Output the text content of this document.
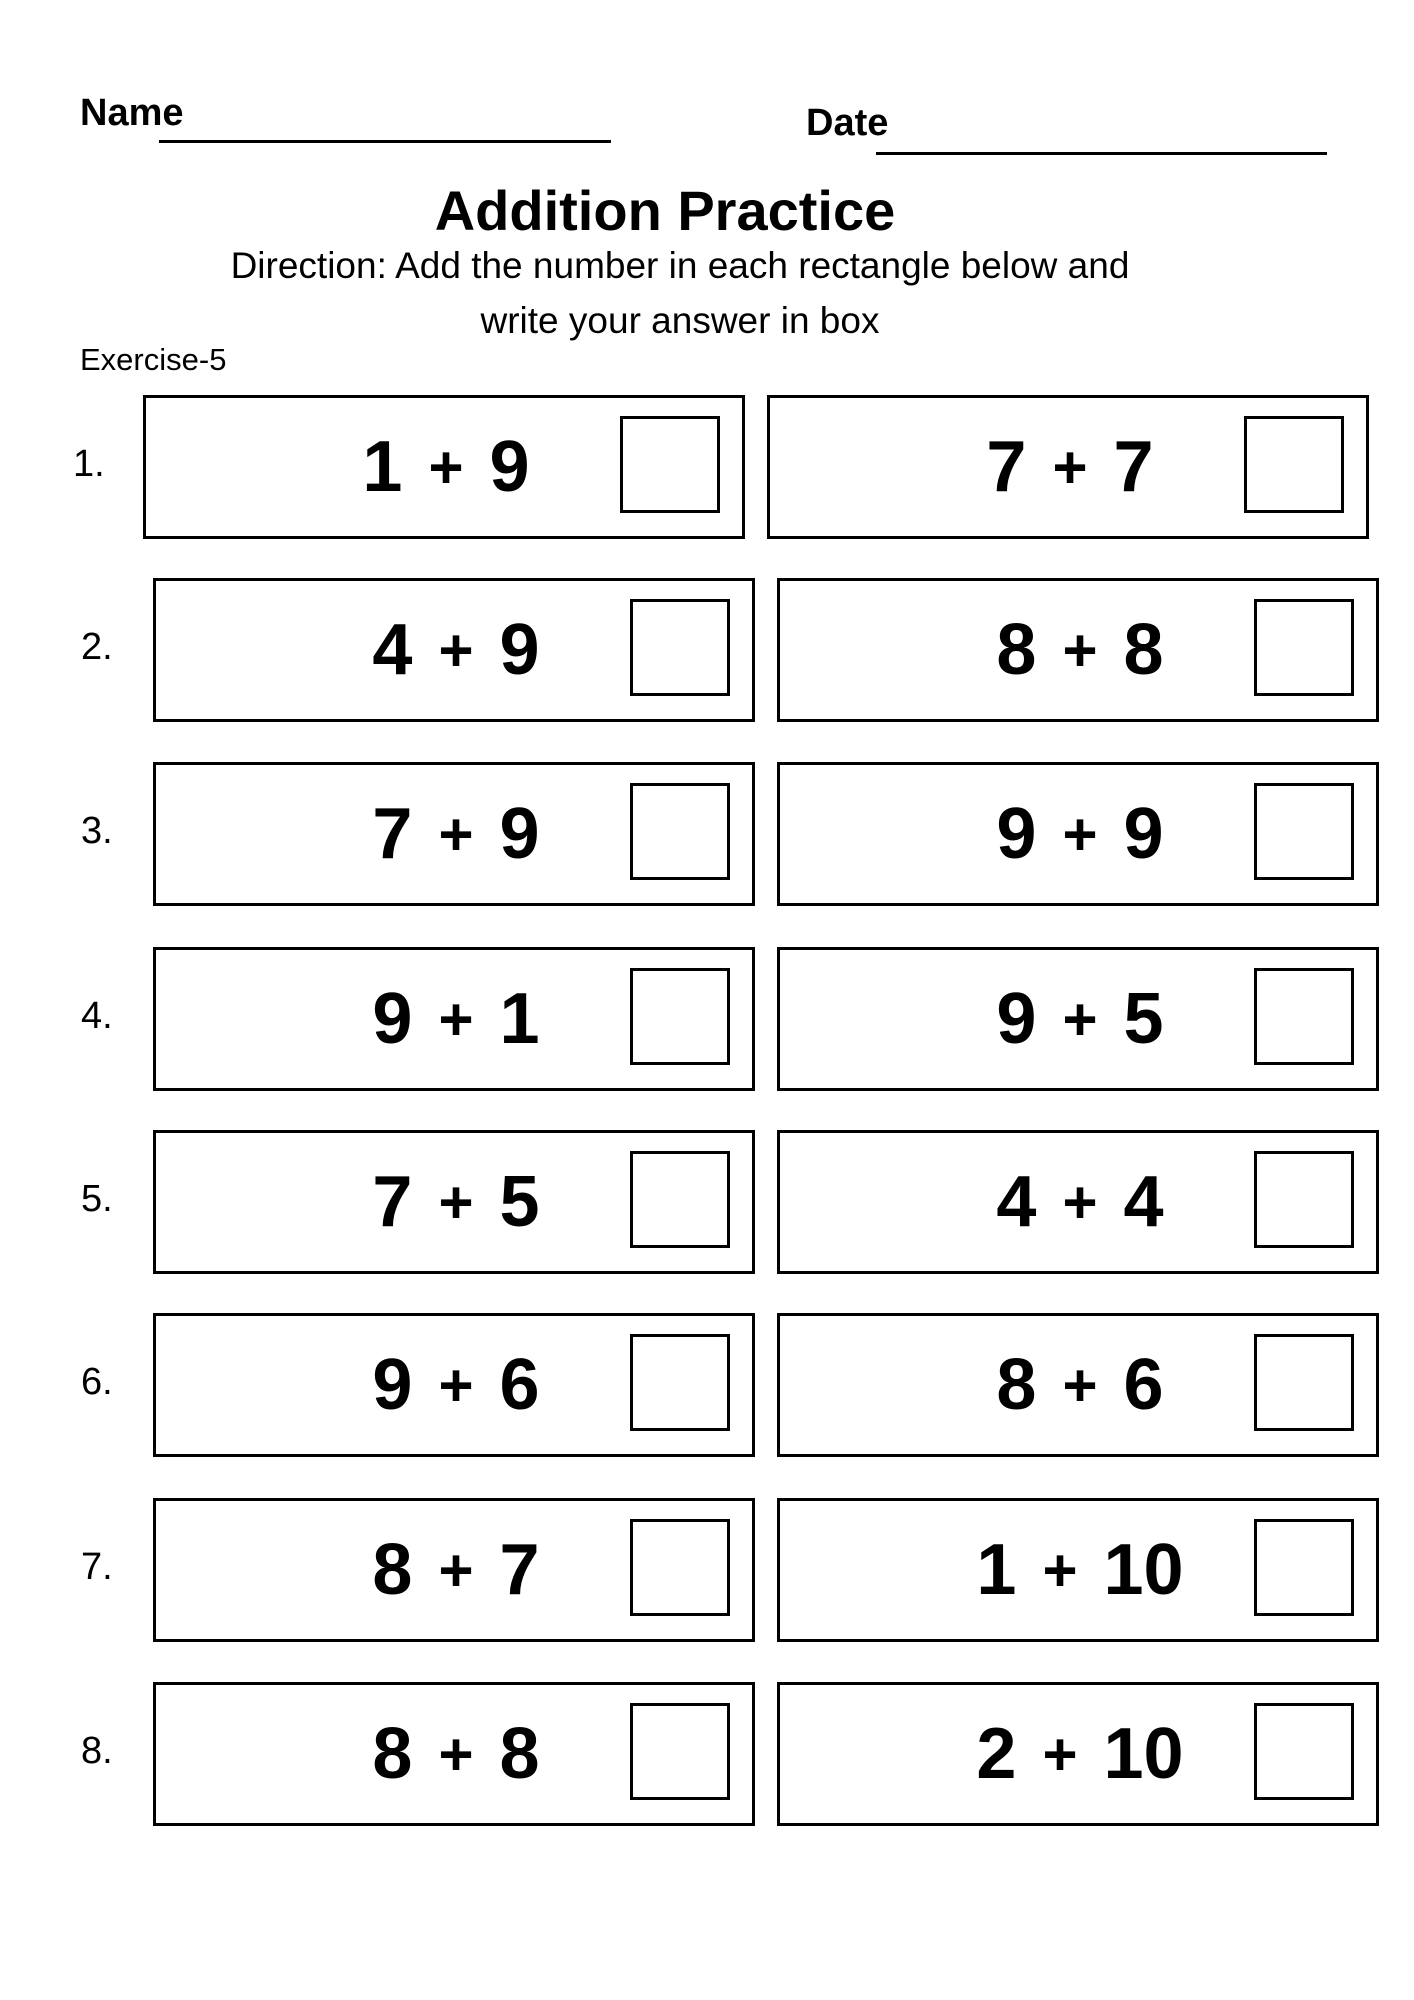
Name	Date
Addition Practice
Direction: Add the number in each rectangle below and
write your answer in box
Exercise-5
1.	1 + 9	7 + 7
2.	4 + 9	8 + 8
3.	7 + 9	9 + 9
4.	9 + 1	9 + 5
5.	7 + 5	4 + 4
6.	9 + 6	8 + 6
7.	8 + 7	1 + 10
8.	8 + 8	2 + 10
